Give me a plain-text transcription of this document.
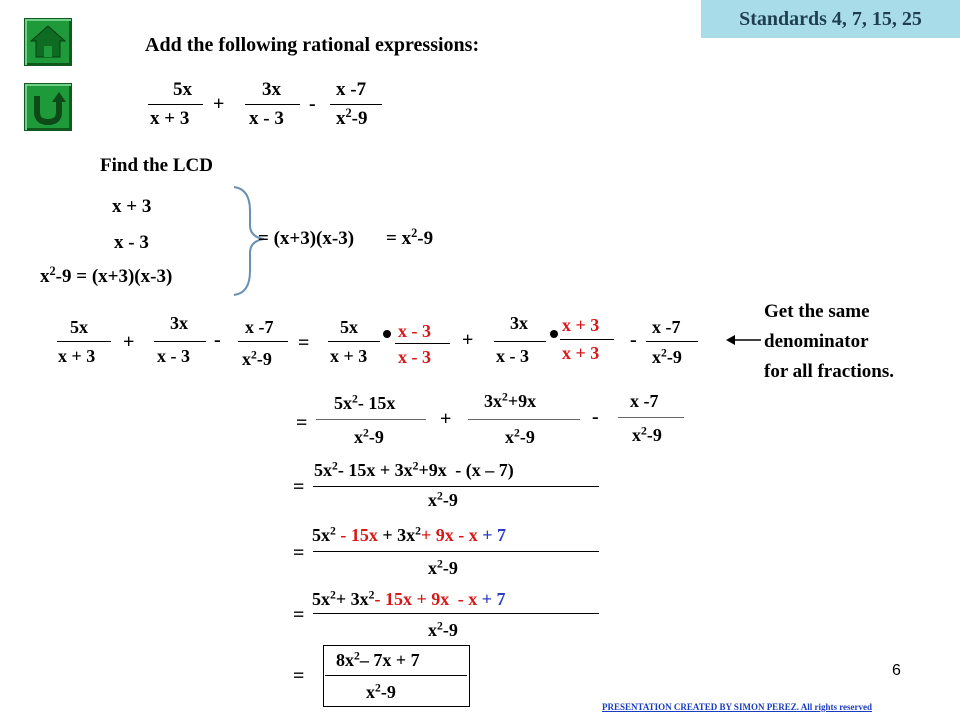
Standards 4, 7, 15, 25
Add the following rational expressions:
5x
x + 3
+
3x
x - 3
-
x -7
$x^2-9$
Find the LCD
x + 3
x - 3
$x^2-9 = (x+3)(x-3)$
= $(x+3)(x-3) = x^2-9$
Get the same
denominator
for all fractions.
5x
x + 3
+
3x
x - 3
-
x -7
$x^2-9$
=
5x
x + 3
x - 3
x - 3
+
3x
x - 3
x + 3
x + 3
-
x -7
$x^2-9$
=
$5x^2-$ 15x
$x^2-9$
+
$3x^2+9x$
$x^2-9$
-
x -7
$x^2-9$
=
$5x^2-$ $15x + 3x^2+9x - (x - 7)$
$x^2-9$
=
$5x^2 - 15x + 3x^2+ 9x - x + 7$
$x^2-9$
=
$5x^2+ 3x^2-$ 15x + 9x - x + 7
$x^2-9$
=
$8x^2-$ 7x + 7
$x^2-9$
6
PRESENTATION CREATED BY SIMON PEREZ. All rights reserved
